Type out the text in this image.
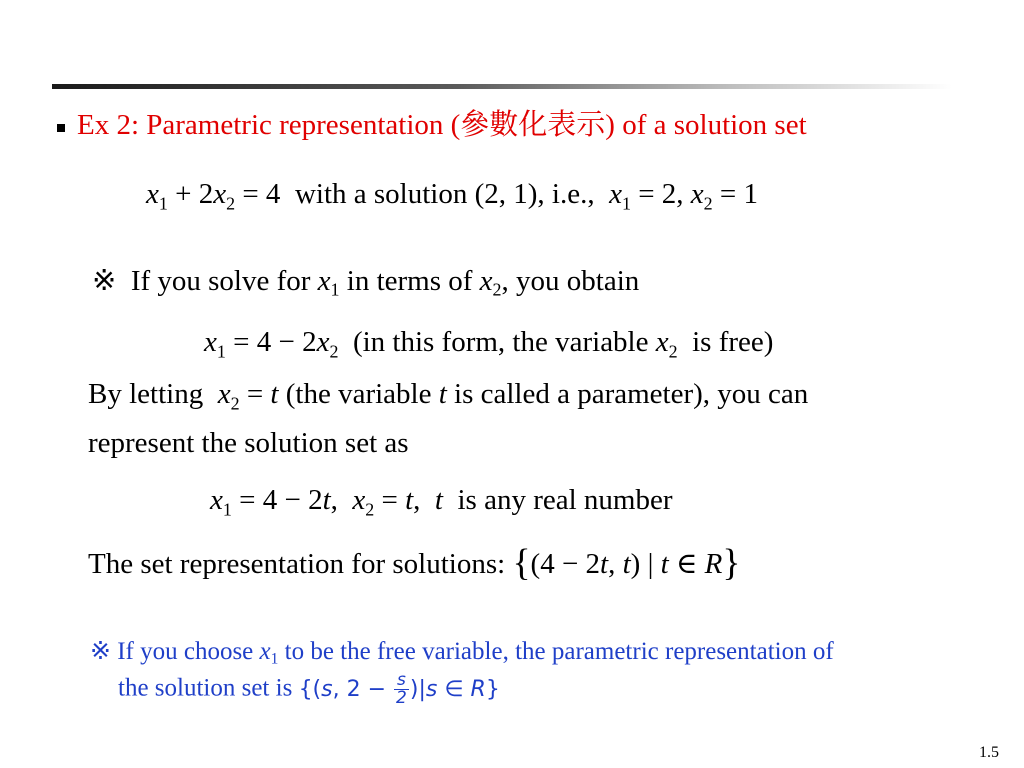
Ex 2: Parametric representation (參數化表示) of a solution set
$x_1 + 2x_2 = 4$ with a solution (2, 1), i.e., $x_1 = 2$, $x_2 = 1$
※ If you solve for $x_1$ in terms of $x_2$, you obtain
$x_1 = 4 - 2x_2$ (in this form, the variable $x_2$ is free)
By letting $x_2 = t$ (the variable t is called a parameter), you can
represent the solution set as
$x_1 = 4 - 2t$, $x_2 = t$, t is any real number
The set representation for solutions: {(4 − 2t, t) | t ∈ R}
※ If you choose $x_1$ to be the free variable, the parametric representation of
the solution set is {(s, $2 - \frac{s}{2} )|s$ ∈ R}
1.5
